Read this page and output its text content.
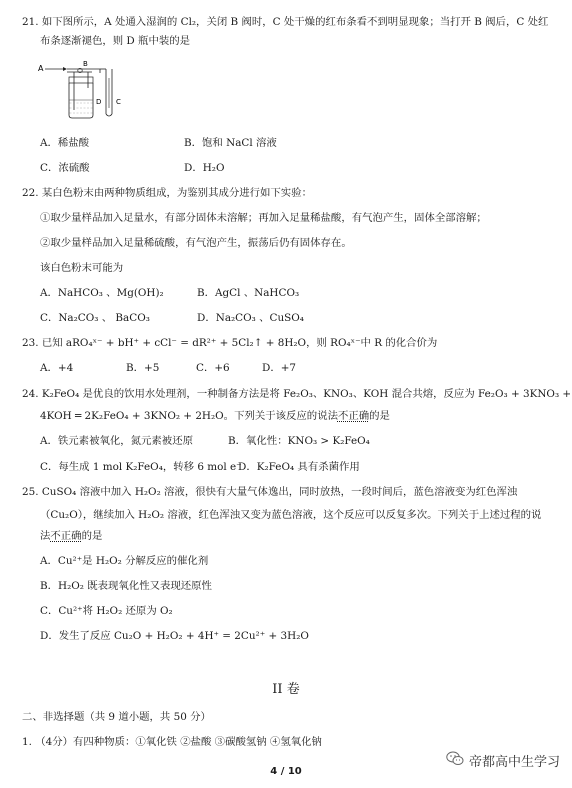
21. 如下图所示，A 处通入湿润的 Cl₂，关闭 B 阀时，C 处干燥的红布条看不到明显现象；当打开 B 阀后，C 处红
布条逐渐褪色，则 D 瓶中装的是
A	B
D C
A．稀盐酸	B．饱和 NaCl 溶液
C．浓硫酸	D．H₂O
22. 某白色粉末由两种物质组成，为鉴别其成分进行如下实验：
①取少量样品加入足量水，有部分固体未溶解；再加入足量稀盐酸，有气泡产生，固体全部溶解；
②取少量样品加入足量稀硫酸，有气泡产生，振荡后仍有固体存在。
该白色粉末可能为
A．NaHCO₃ 、Mg(OH)₂	B．AgCl 、NaHCO₃
C．Na₂CO₃ 、 BaCO₃	D．Na₂CO₃ 、CuSO₄
23. 已知 aRO₄ˣ⁻ + bH⁺ + cCl⁻ = dR²⁺ + 5Cl₂↑ + 8H₂O，则 RO₄ˣ⁻中 R 的化合价为
A．+4	B．+5	C．+6	D．+7
24. K₂FeO₄ 是优良的饮用水处理剂，一种制备方法是将 Fe₂O₃、KNO₃、KOH 混合共熔，反应为 Fe₂O₃ + 3KNO₃ +
4KOH ═ 2K₂FeO₄ + 3KNO₂ + 2H₂O。下列关于该反应的说法不正确的是
A．铁元素被氧化，氮元素被还原	B．氧化性：KNO₃ > K₂FeO₄
C．每生成 1 mol K₂FeO₄，转移 6 mol e⁻
D．K₂FeO₄ 具有杀菌作用
25. CuSO₄ 溶液中加入 H₂O₂ 溶液，很快有大量气体逸出，同时放热，一段时间后，蓝色溶液变为红色浑浊
（Cu₂O），继续加入 H₂O₂ 溶液，红色浑浊又变为蓝色溶液，这个反应可以反复多次。下列关于上述过程的说
法不正确的是
A．Cu²⁺是 H₂O₂ 分解反应的催化剂
B．H₂O₂ 既表现氧化性又表现还原性
C．Cu²⁺将 H₂O₂ 还原为 O₂
D．发生了反应 Cu₂O + H₂O₂ + 4H⁺ = 2Cu²⁺ + 3H₂O
II 卷
二、非选择题（共 9 道小题，共 50 分）
1. （4分）有四种物质：①氧化铁 ②盐酸 ③碳酸氢钠 ④氢氧化钠
4 / 10
帝都高中生学习
